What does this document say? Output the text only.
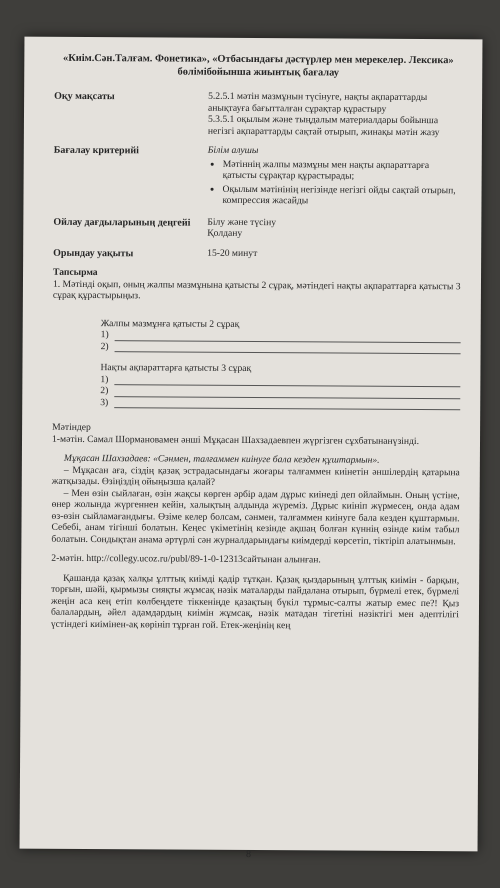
«Киім.Сән.Талғам. Фонетика», «Отбасындағы дәстүрлер мен мерекелер. Лексика» бөлімібойынша жиынтық бағалау
Оқу мақсаты	5.2.5.1 мәтін мазмұнын түсінуге, нақты ақпараттарды анықтауға бағытталған сұрақтар құрастыру
5.3.5.1 оқылым және тыңдалым материалдары бойынша негізгі ақпараттарды сақтай отырып, жинақы мәтін жазу
Бағалау критерийі	Білім алушы
• Мәтіннің жалпы мазмұны мен нақты ақпараттарға қатысты сұрақтар құрастырады;
• Оқылым мәтінінің негізінде негізгі ойды сақтай отырып, компрессия жасайды
Ойлау дағдыларының деңгейі	Білу және түсіну
Қолдану
Орындау уақыты	15-20 минут
Тапсырма
1. Мәтінді оқып, оның жалпы мазмұнына қатысты 2 сұрақ, мәтіндегі нақты ақпараттарға қатысты 3 сұрақ құрастырыңыз.
Жалпы мазмұнға қатысты 2 сұрақ
1)
2)
Нақты ақпараттарға қатысты 3 сұрақ
1)
2)
3)
Мәтіндер
1-мәтін. Самал Шормановамен әнші Мұқасан Шахзадаевпен жүргізген сұхбатынанүзінді.

Мұқасан Шахзадаев: «Сәнмен, талғаммен киінуге бала кезден құштармын».

– Мұқасан аға, сіздің қазақ эстрадасындағы жоғары талғаммен киінетін әншілердің қатарына жатқызады. Өзіңіздің ойыңызша қалай?

– Мен өзін сыйлаған, өзін жақсы көрген әрбір адам дұрыс киінеді деп ойлаймын. Оның үстіне, өнер жолында жүргеннен кейін, халықтың алдында жүреміз. Дұрыс киініп жүрмесең, онда адам өз-өзін сыйламағандығы. Өзіме келер болсам, сәнмен, талғаммен киінуге бала кезден құштармын. Себебі, анам тігінші болатын. Кеңес үкіметінің кезінде ақшаң болған күннің өзінде киім табыл болатын. Сондықтан анама әртүрлі сән журналдарындағы киімдерді көрсетіп, тіктіріп алатынмын.

2-мәтін. http://collegy.ucoz.ru/publ/89-1-0-12313сайтынан алынған.

Қашанда қазақ халқы ұлттық киімді қадір тұтқан. Қазақ қыздарының ұлттық киімін - барқын, торғын, шәйі, қырмызы сияқты жұмсақ нәзік маталарды пайдалана отырып, бүрмелі етек, бүрмелі жеңін аса кең етіп көлбеңдете тіккеніңде қазақтың бүкіл тұрмыс-салты жатыр емес пе?! Қыз балалардың, әйел адамдардың киімін жұмсақ, нәзік матадан тігетіні нәзіктігі мен әдептілігі үстіндегі киімінен-ақ көрініп тұрған гой. Етек-жеңінің кең

8
